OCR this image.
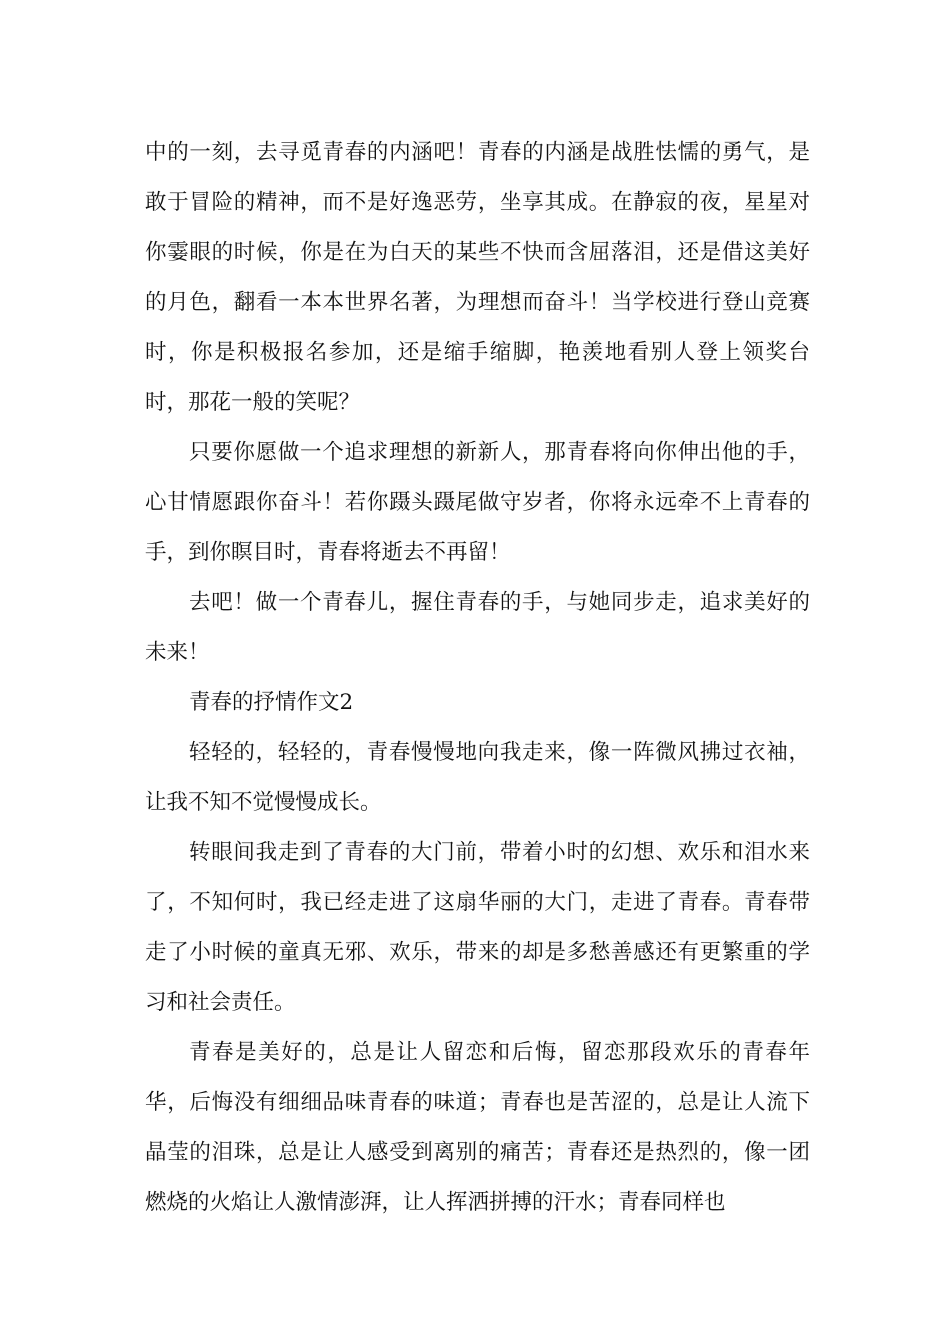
中的一刻，去寻觅青春的内涵吧！青春的内涵是战胜怯懦的勇气，是敢于冒险的精神，而不是好逸恶劳，坐享其成。在静寂的夜，星星对你霎眼的时候，你是在为白天的某些不快而含屈落泪，还是借这美好的月色，翻看一本本世界名著，为理想而奋斗！当学校进行登山竞赛时，你是积极报名参加，还是缩手缩脚，艳羡地看别人登上领奖台时，那花一般的笑呢？

只要你愿做一个追求理想的新新人，那青春将向你伸出他的手，心甘情愿跟你奋斗！若你蹑头蹑尾做守岁者，你将永远牵不上青春的手，到你瞑目时，青春将逝去不再留！

去吧！做一个青春儿，握住青春的手，与她同步走，追求美好的未来！

青春的抒情作文2

轻轻的，轻轻的，青春慢慢地向我走来，像一阵微风拂过衣袖，让我不知不觉慢慢成长。

转眼间我走到了青春的大门前，带着小时的幻想、欢乐和泪水来了，不知何时，我已经走进了这扇华丽的大门，走进了青春。青春带走了小时候的童真无邪、欢乐，带来的却是多愁善感还有更繁重的学习和社会责任。

青春是美好的，总是让人留恋和后悔，留恋那段欢乐的青春年华，后悔没有细细品味青春的味道；青春也是苦涩的，总是让人流下晶莹的泪珠，总是让人感受到离别的痛苦；青春还是热烈的，像一团燃烧的火焰让人激情澎湃，让人挥洒拼搏的汗水；青春同样也
